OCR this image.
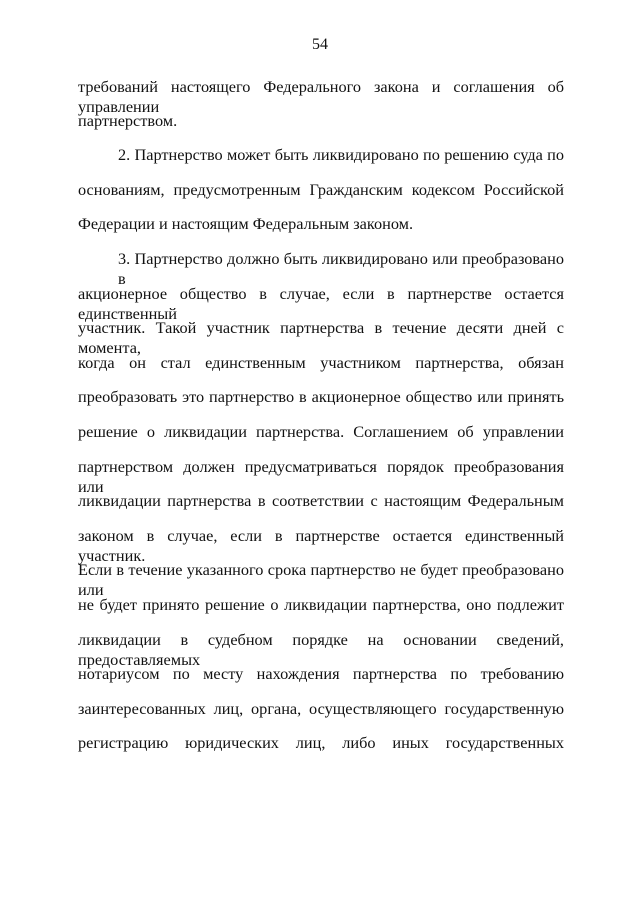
54
требований настоящего Федерального закона и соглашения об управлении
партнерством.
2. Партнерство может быть ликвидировано по решению суда по
основаниям, предусмотренным Гражданским кодексом Российской
Федерации и настоящим Федеральным законом.
3. Партнерство должно быть ликвидировано или преобразовано в
акционерное общество в случае, если в партнерстве остается единственный
участник. Такой участник партнерства в течение десяти дней с момента,
когда он стал единственным участником партнерства, обязан
преобразовать это партнерство в акционерное общество или принять
решение о ликвидации партнерства. Соглашением об управлении
партнерством должен предусматриваться порядок преобразования или
ликвидации партнерства в соответствии с настоящим Федеральным
законом в случае, если в партнерстве остается единственный участник.
Если в течение указанного срока партнерство не будет преобразовано или
не будет принято решение о ликвидации партнерства, оно подлежит
ликвидации в судебном порядке на основании сведений, предоставляемых
нотариусом по месту нахождения партнерства по требованию
заинтересованных лиц, органа, осуществляющего государственную
регистрацию юридических лиц, либо иных государственных
